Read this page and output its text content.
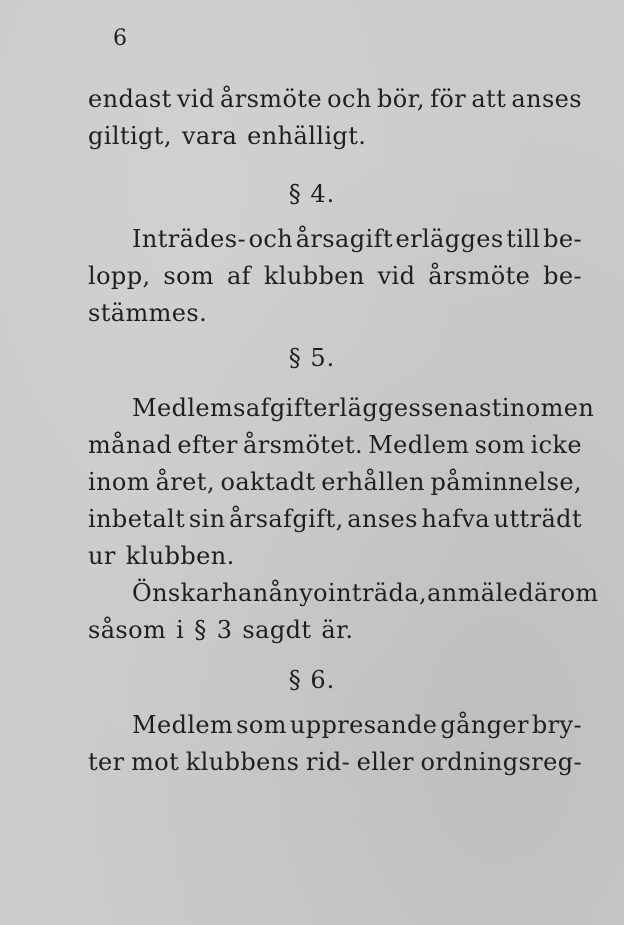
6
endast vid årsmöte och bör, för att anses
giltigt, vara enhälligt.
§ 4.
Inträdes- och årsagift erlägges till be-
lopp, som af klubben vid årsmöte be-
stämmes.
§ 5.
Medlemsafgift erlägges senast inom en
månad efter årsmötet. Medlem som icke
inom året, oaktadt erhållen påminnelse,
inbetalt sin årsafgift, anses hafva utträdt
ur klubben.
Önskar han ånyo inträda, anmäle därom
såsom i § 3 sagdt är.
§ 6.
Medlem som uppresande gånger bry-
ter mot klubbens rid- eller ordningsreg-
